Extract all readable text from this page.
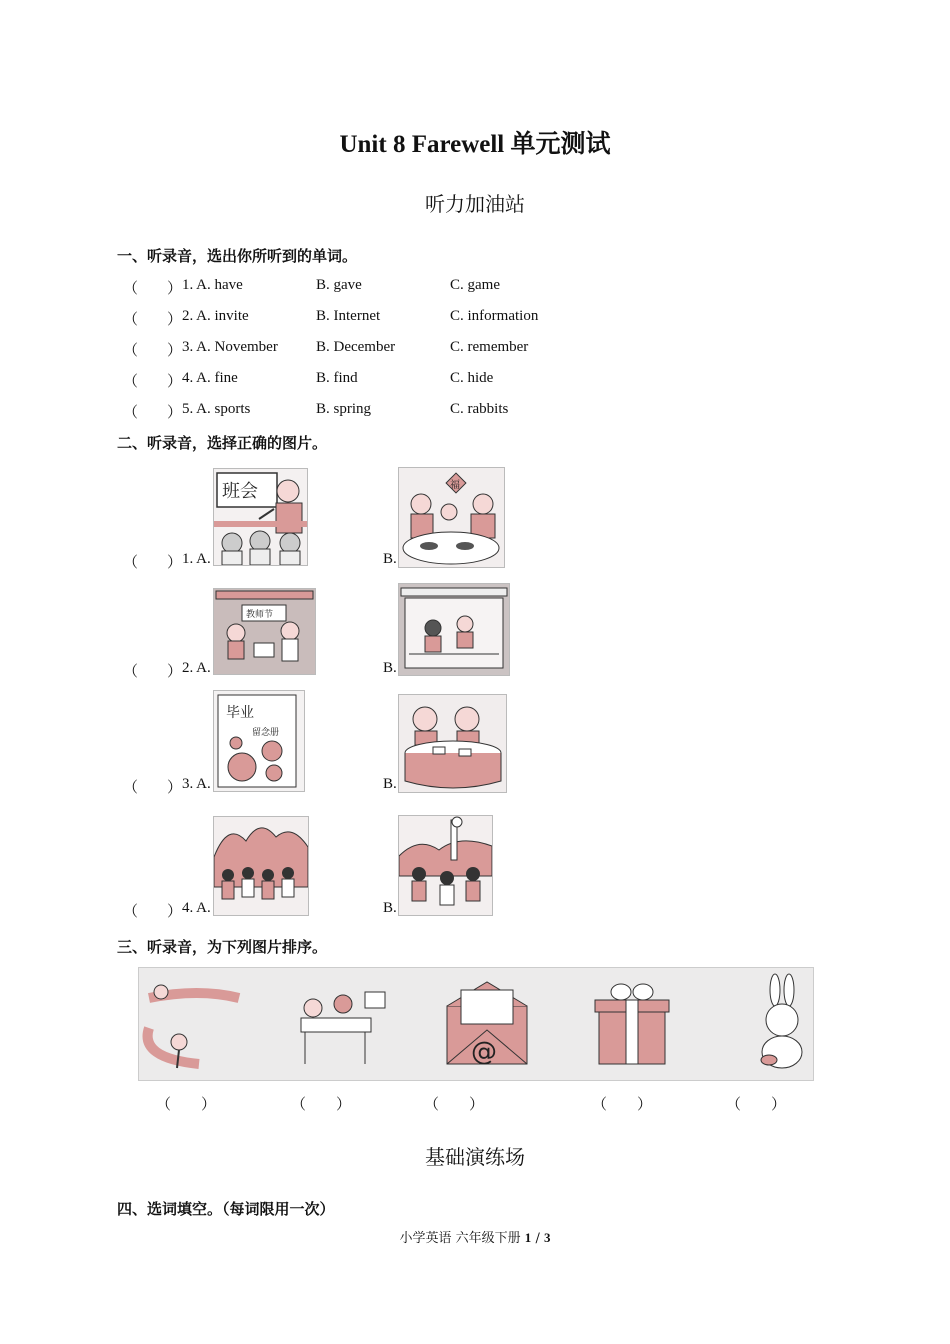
Unit 8 Farewell 单元测试
听力加油站
一、听录音，选出你所听到的单词。
（ ） 1. A. have	B. gave	C. game
（ ） 2. A. invite	B. Internet	C. information
（ ） 3. A. November	B. December	C. remember
（ ） 4. A. fine	B. find	C. hide
（ ） 5. A. sports	B. spring	C. rabbits
二、听录音，选择正确的图片。
（ ） 1. A.	B.
班会	福
（ ） 2. A.	B.
教师节
（ ） 3. A.	B.
毕业
留念册
（ ） 4. A.	B.
三、听录音，为下列图片排序。
@
（　　）	（　　）	（　　）	（　　）	（　　）
基础演练场
四、选词填空。（每词限用一次）
小学英语 六年级下册 1 / 3
